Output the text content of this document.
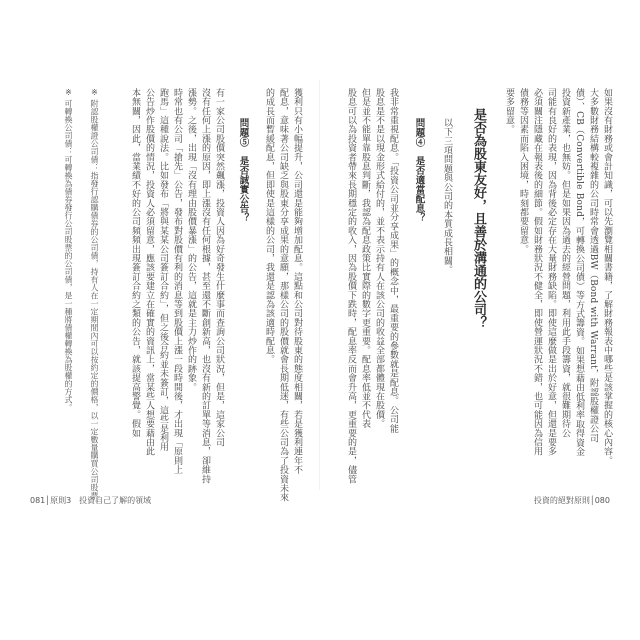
如果沒有財務或會計知識，可以先瀏覽相關書籍，了解財務報表中哪些是該掌握的核心內容。
大多數財務結構較複雜的公司時常會透過BW（Bond with Warrant，附認股權證公司
債）、CB（Convertible Bond，可轉換公司債）等方式籌資。如果想藉由低利率取得資金
投資新產業，也無妨。但是如果因為過去的經營問題，利用此手段籌資，就很難期待公
司能有良好的表現，因為背後必定存在大量財務缺陷。即使這麼做是出於好意，但還是要多
必須關注隱藏在報表後的細節。假如財務狀況不健全，即使營運狀況不錯，也可能因為信用
債務等因素而陷入困境，時刻都要留意。
要多留意。
是否為股東友好，且善於溝通的公司？
以下三項問題與公司的本質成長相關。
問題④　是否適當配息？
我非常重視配息。「投資公司並分享成果」的概念中，最重要的參數就是配息。公司能
股息是不是以現金形式給付的，並不表示持有人在該公司的收益全部都體現在股價。
但是並不能單靠股息判斷，我認為配息政策比實際的數字更重要。配息率低並不代表
股息可以為投資者帶來長期穩定的收入，因為股價下跌時，配息率反而會升高，更重要的是，儘管
獲利只有小幅提升，公司還是能夠增加配息。這點和公司對待股東的態度相關，若是獲利連年不
配息，意味著公司缺乏與股東分享成果的意願，那樣公司的股價就會長期低迷，有些公司為了投資未來
的成長而暫緩配息，但即使是這樣的公司，我還是認為該適時配息。
問題⑤　是否誠實公告？
有一家公司股價突然飆漲，投資人因為好奇發生什麼事而查詢公司狀況，但是，這家公司
沒有任何上漲的原因，即上漲沒有任何根據，甚至還不斷創新高，也沒有新的訂單等消息，卻維持
漲勢。之後，出現「沒有理由股價暴漲」的公告，這就是主力炒作的跡象。
時常也有公司「搶先」公告，發布對股價有利的消息等到股價上漲一段時間後，才出現「原則上
跑馬」這種說法。比如發布「將與某某公司簽訂合約」，但之後合約並未簽訂，這些是利用
公告炒作股價的情況，投資人必須留意，應該要建立在確實的資訊上，當某些人想要藉由此
本無關，因此，當業績不好的公司頻頻出現簽訂合約之類的公告，就該提高警覺。假如
※ 附認股權證公司債：指發行認購債券的公司債，持有人在一定期間內可以按約定的價格，以一定數量購買公司股票。
※ 可轉換公司債：可轉換為債券發行公司股票的公司債，是一種將債權轉換為股權的方式。
081│原則3　投資自己了解的領域	投資的絕對原則│080
